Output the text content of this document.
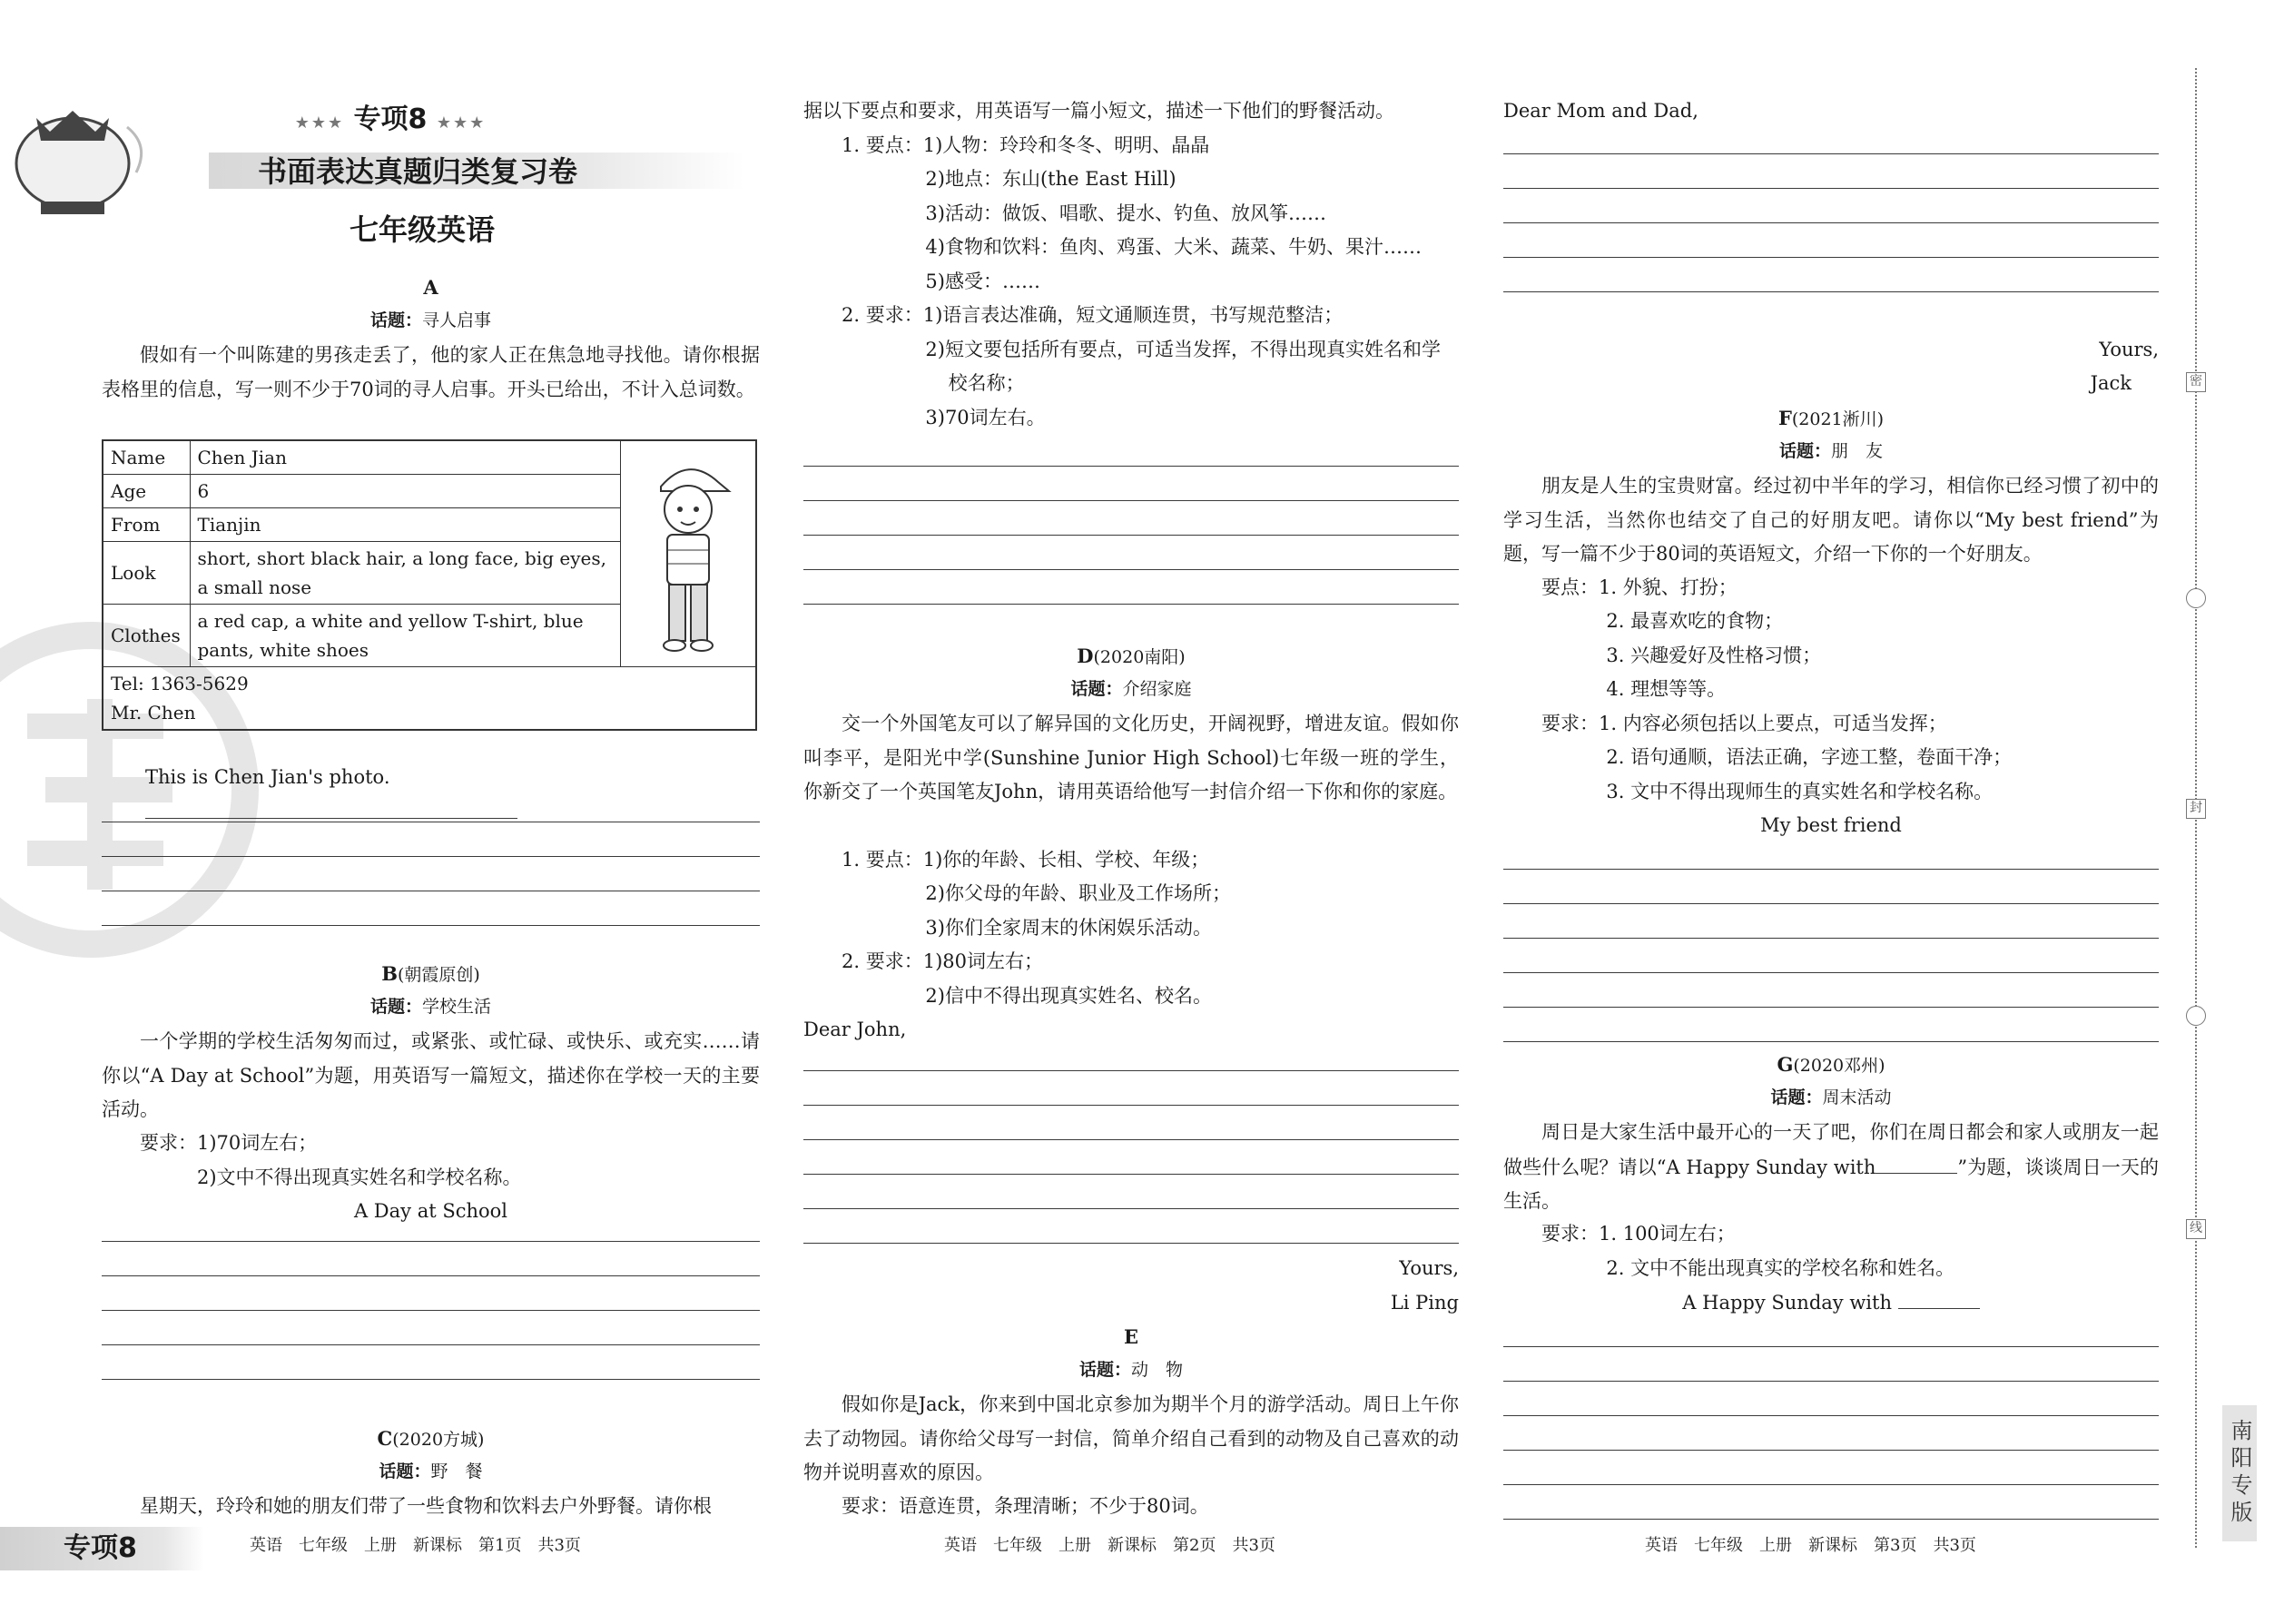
★★★ 专项8 ★★★
书面表达真题归类复习卷
七年级英语
A
话题：寻人启事
假如有一个叫陈建的男孩走丢了，他的家人正在焦急地寻找他。请你根据表格里的信息，写一则不少于70词的寻人启事。开头已给出，不计入总词数。
Name	Chen Jian	
Age	6	
From	Tianjin	
Look	short, short black hair, a long face, big eyes, a small nose	
Clothes	a red cap, a white and yellow T-shirt, blue pants, white shoes	

Tel: 1363-5629
Mr. Chen		
This is Chen Jian's photo.
B(朝霞原创)
话题：学校生活
一个学期的学校生活匆匆而过，或紧张、或忙碌、或快乐、或充实……请你以“A Day at School”为题，用英语写一篇短文，描述你在学校一天的主要活动。
要求：1)70词左右；
2)文中不得出现真实姓名和学校名称。
A Day at School
C(2020方城)
话题：野　餐
星期天，玲玲和她的朋友们带了一些食物和饮料去户外野餐。请你根
专项8	英语　七年级　上册　新课标　第1页　共3页
据以下要点和要求，用英语写一篇小短文，描述一下他们的野餐活动。
1. 要点：1)人物：玲玲和冬冬、明明、晶晶
2)地点：东山(the East Hill)
3)活动：做饭、唱歌、提水、钓鱼、放风筝……
4)食物和饮料：鱼肉、鸡蛋、大米、蔬菜、牛奶、果汁……
5)感受：……
2. 要求：1)语言表达准确，短文通顺连贯，书写规范整洁；
2)短文要包括所有要点，可适当发挥，不得出现真实姓名和学
校名称；
3)70词左右。
D(2020南阳)
话题：介绍家庭
交一个外国笔友可以了解异国的文化历史，开阔视野，增进友谊。假如你叫李平，是阳光中学(Sunshine Junior High School)七年级一班的学生，你新交了一个英国笔友John，请用英语给他写一封信介绍一下你和你的家庭。
1. 要点：1)你的年龄、长相、学校、年级；
2)你父母的年龄、职业及工作场所；
3)你们全家周末的休闲娱乐活动。
2. 要求：1)80词左右；
2)信中不得出现真实姓名、校名。
Dear John,
Yours,
Li Ping
E
话题：动　物
假如你是Jack，你来到中国北京参加为期半个月的游学活动。周日上午你去了动物园。请你给父母写一封信，简单介绍自己看到的动物及自己喜欢的动物并说明喜欢的原因。
要求：语意连贯，条理清晰；不少于80词。
英语　七年级　上册　新课标　第2页　共3页
Dear Mom and Dad,
Yours,
Jack
F(2021淅川)
话题：朋　友
朋友是人生的宝贵财富。经过初中半年的学习，相信你已经习惯了初中的学习生活，当然你也结交了自己的好朋友吧。请你以“My best friend”为题，写一篇不少于80词的英语短文，介绍一下你的一个好朋友。
要点：1. 外貌、打扮；
2. 最喜欢吃的食物；
3. 兴趣爱好及性格习惯；
4. 理想等等。
要求：1. 内容必须包括以上要点，可适当发挥；
2. 语句通顺，语法正确，字迹工整，卷面干净；
3. 文中不得出现师生的真实姓名和学校名称。
My best friend
G(2020邓州)
话题：周末活动
周日是大家生活中最开心的一天了吧，你们在周日都会和家人或朋友一起做些什么呢？请以“A Happy Sunday with	”为题，谈谈周日一天的生活。
要求：1. 100词左右；
2. 文中不能出现真实的学校名称和姓名。
A Happy Sunday with
英语　七年级　上册　新课标　第3页　共3页
密
封
线
南阳专版
